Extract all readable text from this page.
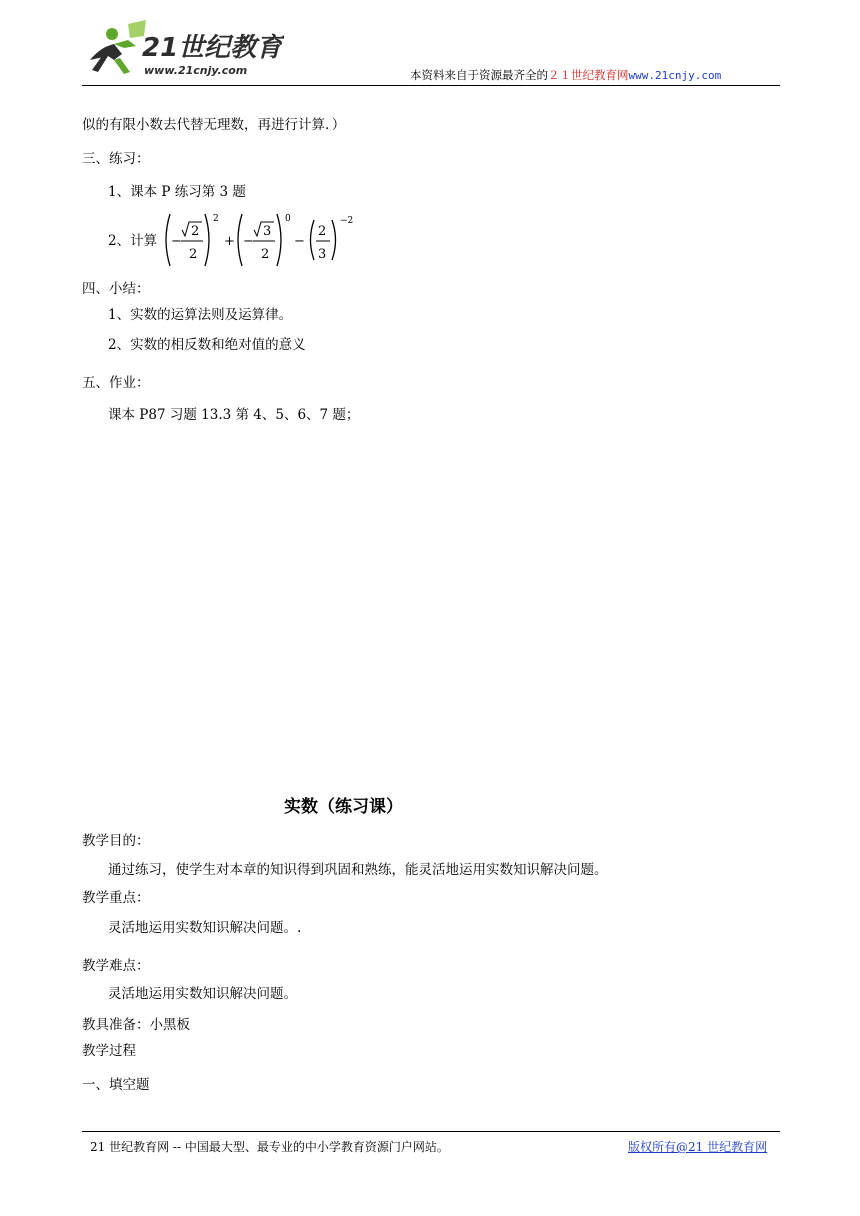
21世纪教育
www.21cnjy.com	本资料来自于资源最齐全的２１世纪教育网www.21cnjy.com
似的有限小数去代替无理数，再进行计算．）
三、练习：
1、课本 P 练习第 3 题
2、计算 −
2
2
2
+ −
3
2
0
−
2
3
−2
四、小结：
1、实数的运算法则及运算律。
2、实数的相反数和绝对值的意义
五、作业：
课本 P87 习题 13.3 第 4、5、6、7 题；
实数（练习课）
教学目的：
通过练习，使学生对本章的知识得到巩固和熟练，能灵活地运用实数知识解决问题。
教学重点：
灵活地运用实数知识解决问题。.
教学难点：
灵活地运用实数知识解决问题。
教具准备：小黑板
教学过程
一、填空题
21 世纪教育网 -- 中国最大型、最专业的中小学教育资源门户网站。	版权所有@21 世纪教育网
